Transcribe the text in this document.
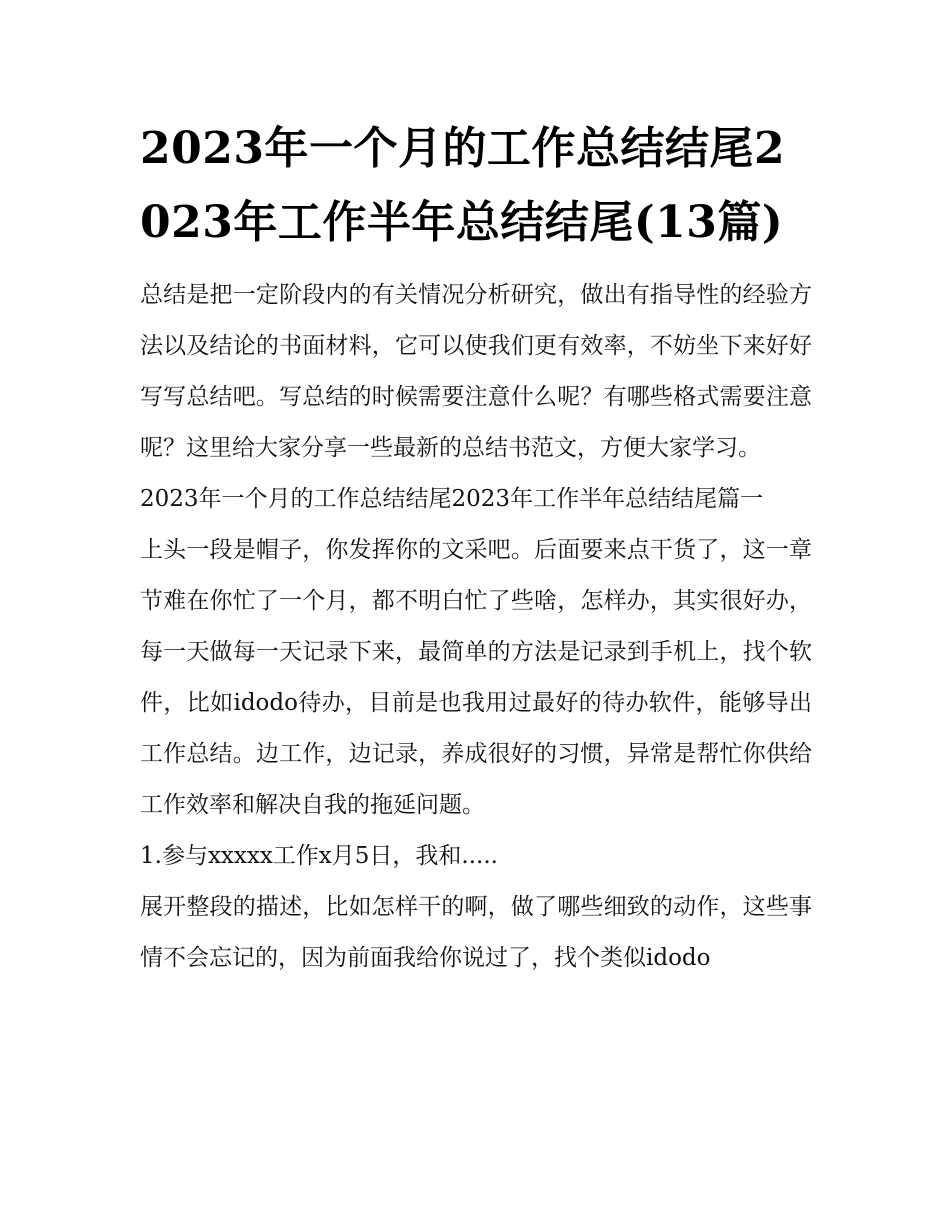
2023年一个月的工作总结结尾2023年工作半年总结结尾(13篇)

总结是把一定阶段内的有关情况分析研究，做出有指导性的经验方法以及结论的书面材料，它可以使我们更有效率，不妨坐下来好好写写总结吧。写总结的时候需要注意什么呢？有哪些格式需要注意呢？这里给大家分享一些最新的总结书范文，方便大家学习。

2023年一个月的工作总结结尾2023年工作半年总结结尾篇一

上头一段是帽子，你发挥你的文采吧。后面要来点干货了，这一章节难在你忙了一个月，都不明白忙了些啥，怎样办，其实很好办，每一天做每一天记录下来，最简单的方法是记录到手机上，找个软件，比如idodo待办，目前是也我用过最好的待办软件，能够导出工作总结。边工作，边记录，养成很好的习惯，异常是帮忙你供给工作效率和解决自我的拖延问题。

1.参与xxxxx工作x月5日，我和.....

展开整段的描述，比如怎样干的啊，做了哪些细致的动作，这些事情不会忘记的，因为前面我给你说过了，找个类似idodo
